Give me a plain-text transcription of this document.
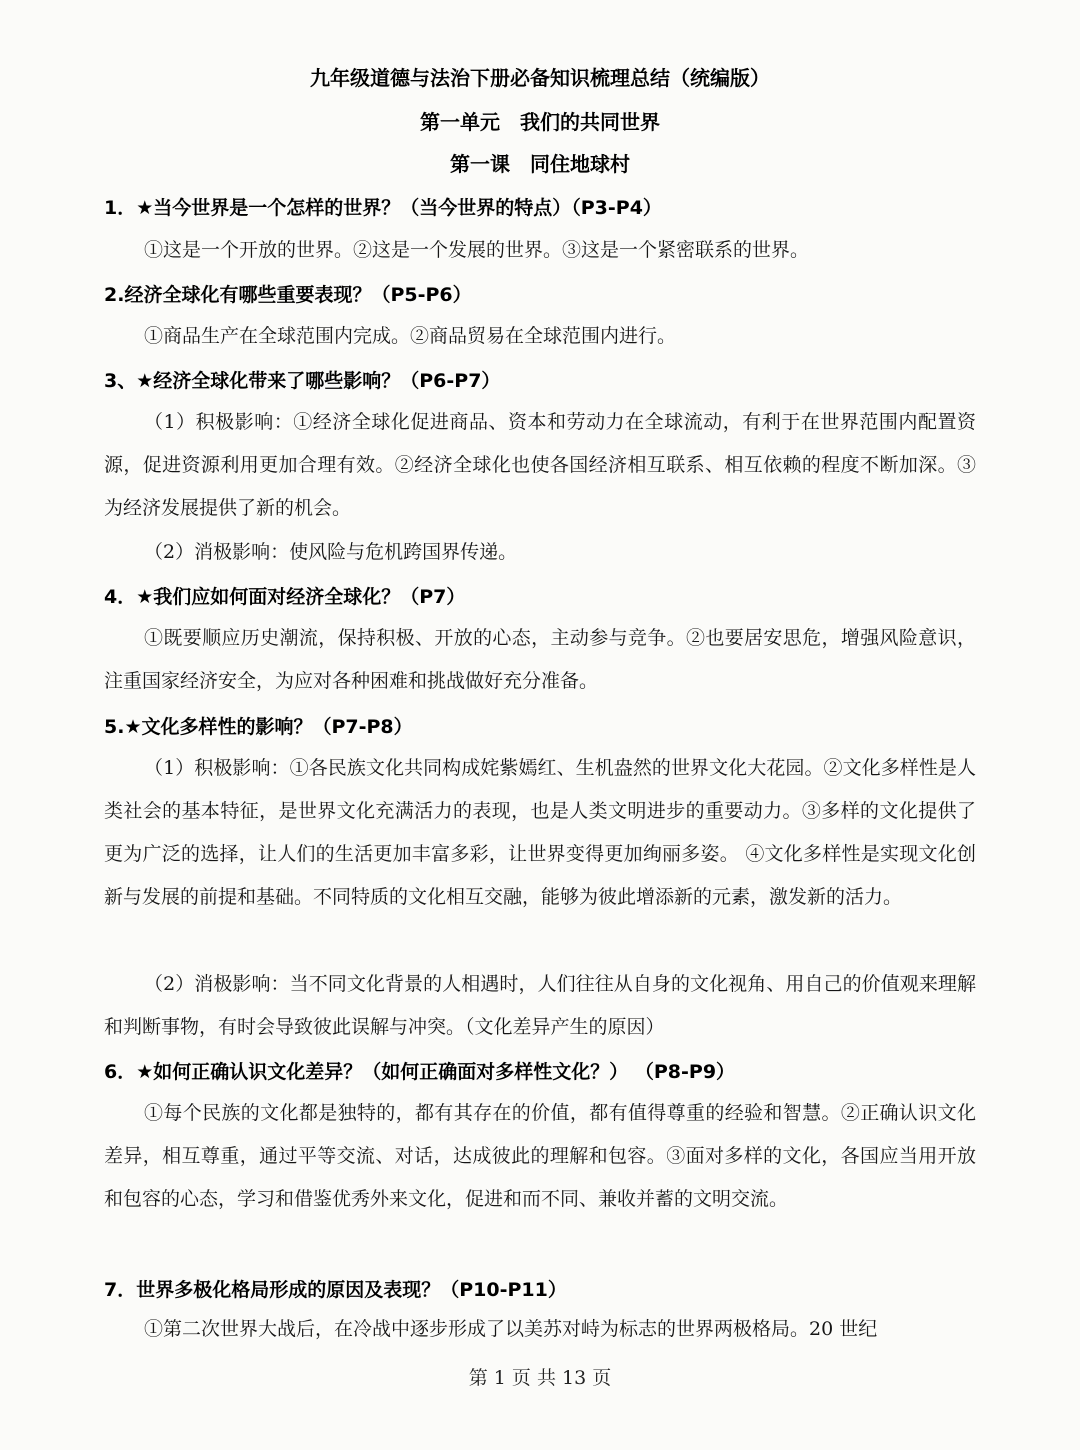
九年级道德与法治下册必备知识梳理总结（统编版）
第一单元　我们的共同世界
第一课　同住地球村
1．★当今世界是一个怎样的世界？（当今世界的特点）（P3-P4）
①这是一个开放的世界。②这是一个发展的世界。③这是一个紧密联系的世界。
2.经济全球化有哪些重要表现？（P5-P6）
①商品生产在全球范围内完成。②商品贸易在全球范围内进行。
3、★经济全球化带来了哪些影响？（P6-P7）
（1）积极影响：①经济全球化促进商品、资本和劳动力在全球流动，有利于在世界范围内配置资源，促进资源利用更加合理有效。②经济全球化也使各国经济相互联系、相互依赖的程度不断加深。③为经济发展提供了新的机会。
（2）消极影响：使风险与危机跨国界传递。
4．★我们应如何面对经济全球化？（P7）
①既要顺应历史潮流，保持积极、开放的心态，主动参与竞争。②也要居安思危，增强风险意识，注重国家经济安全，为应对各种困难和挑战做好充分准备。
5.★文化多样性的影响？（P7-P8）
（1）积极影响：①各民族文化共同构成姹紫嫣红、生机盎然的世界文化大花园。②文化多样性是人类社会的基本特征，是世界文化充满活力的表现，也是人类文明进步的重要动力。③多样的文化提供了更为广泛的选择，让人们的生活更加丰富多彩，让世界变得更加绚丽多姿。 ④文化多样性是实现文化创新与发展的前提和基础。不同特质的文化相互交融，能够为彼此增添新的元素，激发新的活力。
（2）消极影响：当不同文化背景的人相遇时，人们往往从自身的文化视角、用自己的价值观来理解和判断事物，有时会导致彼此误解与冲突。（文化差异产生的原因）
6．★如何正确认识文化差异？（如何正确面对多样性文化？） （P8-P9）
①每个民族的文化都是独特的，都有其存在的价值，都有值得尊重的经验和智慧。②正确认识文化差异，相互尊重，通过平等交流、对话，达成彼此的理解和包容。③面对多样的文化，各国应当用开放和包容的心态，学习和借鉴优秀外来文化，促进和而不同、兼收并蓄的文明交流。
7．世界多极化格局形成的原因及表现？（P10-P11）
①第二次世界大战后，在冷战中逐步形成了以美苏对峙为标志的世界两极格局。20 世纪
第 1 页 共 13 页
